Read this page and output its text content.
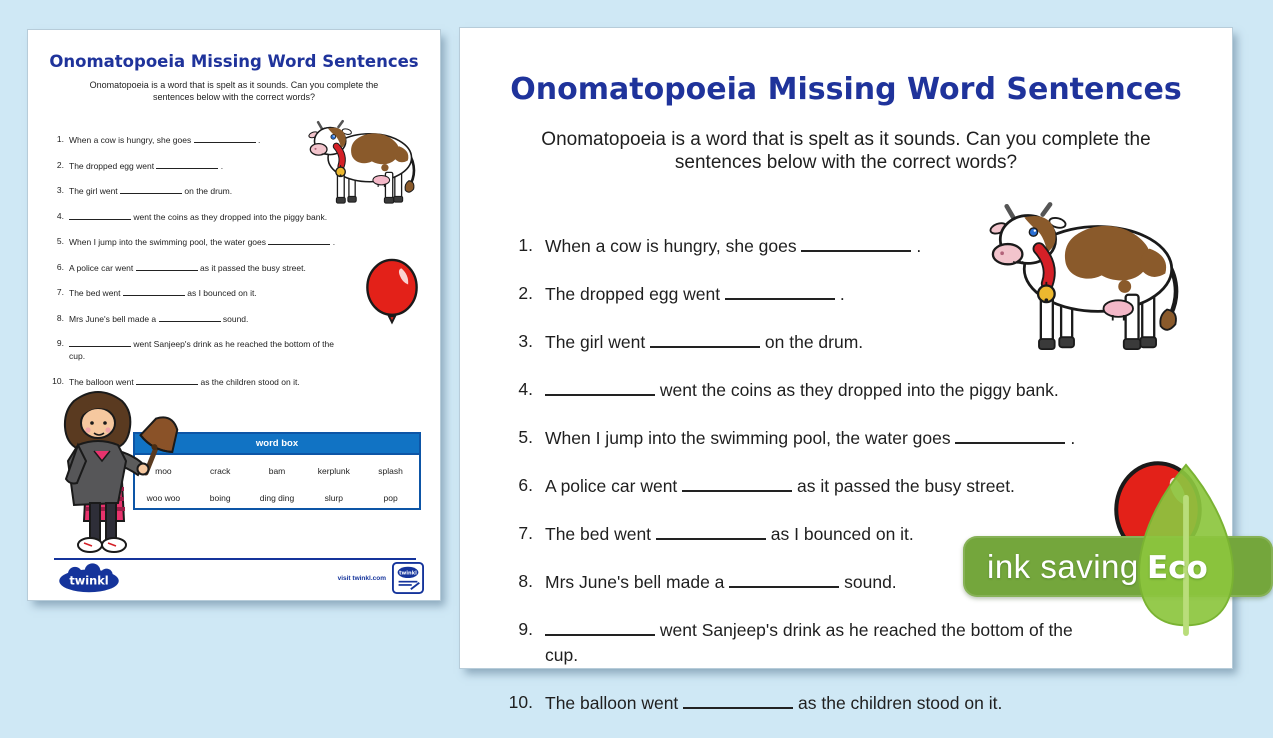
Onomatopoeia Missing Word Sentences

Onomatopoeia is a word that is spelt as it sounds. Can you complete the
sentences below with the correct words?

1. When a cow is hungry, she goes	.
2. The dropped egg went	.
3. The girl went	on the drum.
4.	went the coins as they dropped into the piggy bank.
5. When I jump into the swimming pool, the water goes	.
6. A police car went	as it passed the busy street.
7. The bed went	as I bounced on it.
8. Mrs June's bell made a	sound.
9.	went Sanjeep's drink as he reached the bottom of the cup.
10. The balloon went	as the children stood on it.
word box
moo	crack	bam	kerplunk	splash
woo woo	boing	ding ding	slurp	pop
twinkl	visit twinkl.com
twinkl
Onomatopoeia Missing Word Sentences

Onomatopoeia is a word that is spelt as it sounds. Can you complete the
sentences below with the correct words?

1. When a cow is hungry, she goes	.
2. The dropped egg went	.
3. The girl went	on the drum.
4.	went the coins as they dropped into the piggy bank.
5. When I jump into the swimming pool, the water goes	.
6. A police car went	as it passed the busy street.
7. The bed went	as I bounced on it.
8. Mrs June's bell made a	sound.
9.	went Sanjeep's drink as he reached the bottom of the cup.
10. The balloon went	as the children stood on it.
ink saving Eco
